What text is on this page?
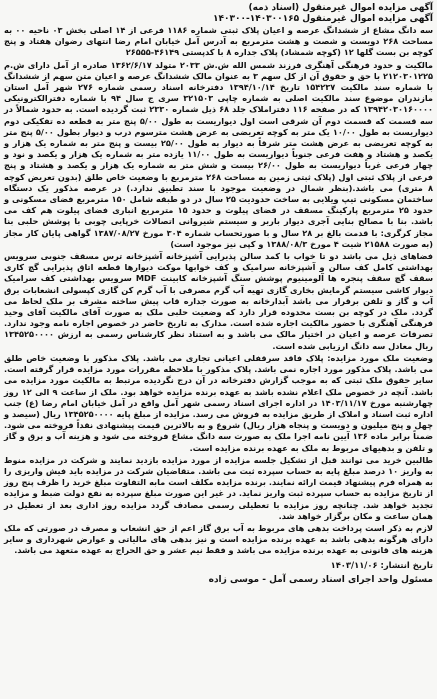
آگهی مزایده اموال غیرمنقول (اسناد ذمه)

آگهی مزایده اموال غیرمنقول ۱۴۰۳۰۰۱۶۵-۱۴۰۳۰۰

سه دانگ مشاع از ششدانگ عرصه و اعیان پلاک ثبتی شماره ۱۱۸۶ فرعی از ۱۴ اصلی بخش ۰۳ ناحیه ۰۰ به مساحت ۲۶۸ دویست و شصت و هشت مترمربع به آدرس آمل خیابان امام رضا انتهای رضوان هفتاد و پنج کوچه بن بست گلها ۱۲ (کوچه شمشاد) پلاک جداره ۸ با کدپستی ۴۶۱۴۹-۲۶۵۵۵

مالکیت و حدود فرهنگی آهنگری فرزند شمس الله ش.ش ۲۰۳۳ متولد ۱۳۶۲/۶/۱۷ صادره از آمل دارای ش.م ۲۱۲۰۳۰۱۲۲۵ با حق و حقوق آن از کل سهم ۳ به عنوان مالک ششدانگ عرصه و اعیان متن سهم از ششدانگ با شماره سند مالکیت ۱۵۴۲۳۷ تاریخ ۱۳۹۴/۱۰/۱۴ دفترخانه اسناد رسمی شماره ۲۷۶ شهر آمل استان مازندران موضوع سند مالکیت اصلی به شماره چاپی ۳۲۱۵۰۳ سری ج سال ۹۴ با شماره دفترالکترونیکی ۱۳۹۴۲۰۳۰۱۶۰۰۰۰ که در صفحه ۱۱۶ دفتراملاک جلد ۶۸ ذیل شماره ۲۳۳۰ ثبت گردیده است. به حدود شمالاً در سه قسمت که قسمت دوم آن شرقی است اول دیواریست به طول ۵/۰۰ پنج متر به قطعه ده تفکیکی دوم دیواریست به طول ۱۰/۰۰ یک متر به کوچه تعریضی به عرض هشت مترسوم درب و دیوار بطول ۵/۰۰ پنج متر به کوچه تعریضی به عرض هشت متر شرقاً به دیوار به طول ۲۵/۰۰ بیست و پنج متر به شماره یک هزار و یکصد و هشتاد و هفت فرعی جنوباً دیواریست به طول ۱۱/۰۰ یازده متر به شماره یک هزار و یکصد و نود و چهار فرعی غرباً دیواریست به طول ۲۶/۰۰ بیست و شش متر به شماره یک هزار و یکصد و هشتاد و پنج فرعی از پلاک ثبتی اول (پلاک ثبتی زمین به مساحت ۲۶۸ مترمربع با وضعیت خاص طلق (بدون تعریض کوچه ۸ متری) می باشد.(بنظر شمال در وضعیت موجود با سند تطبیق ندارد.) در عرصه مذکور یک دستگاه ساختمان مسکونی تیپ ویلایی به ساخت حدودیت ۲۵ سال در دو طبقه شامل ۱۵۰ مترمربع فضای مسکونی و حدود ۲۵ مترمربع پارکینگ مسقف در فضای پیلوت و حدود ۱۵ مترمربع انباری فضای پیلوت هم کف می باشد. بنا با مصالح بنایی آجری دیوار باربر و سیستم شیروانی اتصالات خرپایی چوبی با پوشش حلبی بنا مجاز کرگری: با قدمت بالغ بر ۲۸ سال و با صورتحساب شماره ۳۰۴ مورخ ۱۳۸۷/۰۸/۲۷ گواهی پایان کار مجاز (به صورت ۲۱۵۸۸ شیت ۴ مورخ ۱۳۸۸/۰۸/۳ و کپی نیز موجود است)

فضاهای ذیل می باشد دو تا خواب با کمد سالن پذیرایی آشپزخانه آشپزخانه ترس مسقف جنوبی سرویس بهداشتی کامل کف سالن و آشپزخانه سرامیک و کف خوابها موکت دیوارها قطعه اتاق پذیرایی گچ کاری سقف گچ سقف پنجره ها آلومینیوم پوشش سنگ آشپزخانه کابینت MDF سرویس بهداشتی کف سرامیک دیوار کاشی سیستم گرمایش بخاری گازی تهیه آب گرم مصرفی با آب گرم کن گازی کپسولی انشعابات برق آب و گاز و تلفن برقرار می باشد آبدارخانه به صورت جداره قاب پیش ساخته مشرف بر ملک لحاظ می گردد. ملک در کوچه بن بست محدوده قرار دارد که وضعیت حلبی ملک به صورت آقای مالکیت آقای وحید فرهنگی آهنگری با حضور مالکیت اجاره شده است. مدارک به تاریخ حاضر در خصوص اجاره نامه وجود ندارد. تصرفات عرصه و اعیان در اختیار مالک می باشد و به استناد نظر کارشناس رسمی به ارزش ۱۳۴۵۲۵۰۰۰۰ ریال معادل سه دانگ ارزیابی شده است.

وضعیت ملک مورد مزایده: پلاک فاقد سرقفلی اعیانی تجاری می باشد. پلاک مذکور با وضعیت خاص طلق می باشد. پلاک مذکور مورد اجاره نمی باشد. پلاک مذکور با ملاحظه مقررات مورد مزایده قرار گرفته است. سایر حقوق ملک ثبتی که به موجب گزارش دفترخانه در آن درج نگردیده مرتبط به مالکیت مورد مزایده می باشد. آنچه در خصوص ملک اعلام نشده باشد به عهده برنده مزایده خواهد بود. ملک از ساعت ۹ الی ۱۲ روز چهارشنبه مورخ ۱۴۰۳/۱۱/۱۷ در اداره اجرای اسناد رسمی شهر آمل واقع در آمل خیابان امام رضا (ع) جنب اداره ثبت اسناد و املاک از طریق مزایده به فروش می رسد. مزایده از مبلغ پایه ۱۳۴۵۲۵۰۰۰۰ ریال (سیصد و چهل و پنج میلیون و دویست و پنجاه هزار ریال) شروع و به بالاترین قیمت پیشنهادی نقداً فروخته می شود. ضمناً برابر ماده ۱۳۶ آیین نامه اجرا ملک به صورت سه دانگ مشاع فروخته می شود و هزینه آب و برق و گاز و تلفن و بدهیهای مربوط به ملک به عهده برنده مزایده است.

طالبین خرید می توانند قبل از تشکیل جلسه مزایده از مورد مزایده بازدید نمایند و شرکت در مزایده منوط به واریز ۱۰ درصد مبلغ پایه به حساب سپرده ثبت می باشد. متقاضیان شرکت در مزایده باید فیش واریزی را به همراه فرم پیشنهاد قیمت ارائه نمایند. برنده مزایده مکلف است مابه التفاوت مبلغ خرید را ظرف پنج روز از تاریخ مزایده به حساب سپرده ثبت واریز نماید. در غیر این صورت مبلغ سپرده به نفع دولت ضبط و مزایده تجدید خواهد شد. چنانچه روز مزایده با تعطیلی رسمی مصادف گردد مزایده روز اداری بعد از تعطیل در همان ساعت و مکان برگزار خواهد شد.

لازم به ذکر است پرداخت بدهی های مربوط به آب برق گاز اعم از حق انشعاب و مصرف در صورتی که ملک دارای هرگونه بدهی باشد به عهده برنده مزایده است و نیز بدهی های مالیاتی و عوارض شهرداری و سایر هزینه های قانونی به عهده برنده مزایده می باشد و فقط نیم عشر و حق الحراج به عهده متعهد می باشد.

تاریخ انتشار: ۱۴۰۳/۱۱/۰۶
مسئول واحد اجرای اسناد رسمی آمل - موسی زاده
